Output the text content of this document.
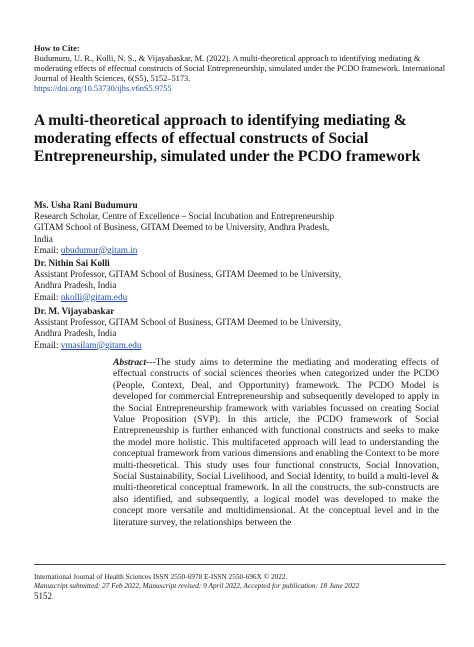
How to Cite:
Budumuru, U. R., Kolli, N. S., & Vijayabaskar, M. (2022). A multi-theoretical approach to identifying mediating & moderating effects of effectual constructs of Social Entrepreneurship, simulated under the PCDO framework. International Journal of Health Sciences, 6(S5), 5152–5173.
https://doi.org/10.53730/ijhs.v6nS5.9755
A multi-theoretical approach to identifying mediating & moderating effects of effectual constructs of Social Entrepreneurship, simulated under the PCDO framework
Ms. Usha Rani Budumuru
Research Scholar, Centre of Excellence – Social Incubation and Entrepreneurship
GITAM School of Business, GITAM Deemed to be University, Andhra Pradesh,
India
Email: ubudumur@gitam.in
Dr. Nithin Sai Kolli
Assistant Professor, GITAM School of Business, GITAM Deemed to be University,
Andhra Pradesh, India
Email: nkolli@gitam.edu
Dr. M. Vijayabaskar
Assistant Professor, GITAM School of Business, GITAM Deemed to be University,
Andhra Pradesh, India
Email: vmasilam@gitam.edu
Abstract---The study aims to determine the mediating and moderating effects of effectual constructs of social sciences theories when categorized under the PCDO (People, Context, Deal, and Opportunity) framework. The PCDO Model is developed for commercial Entrepreneurship and subsequently developed to apply in the Social Entrepreneurship framework with variables focussed on creating Social Value Proposition (SVP). In this article, the PCDO framework of Social Entrepreneurship is further enhanced with functional constructs and seeks to make the model more holistic. This multifaceted approach will lead to understanding the conceptual framework from various dimensions and enabling the Context to be more multi-theoretical. This study uses four functional constructs, Social Innovation, Social Sustainability, Social Livelihood, and Social Identity, to build a multi-level & multi-theoretical conceptual framework. In all the constructs, the sub-constructs are also identified, and subsequently, a logical model was developed to make the concept more versatile and multidimensional. At the conceptual level and in the literature survey, the relationships between the
International Journal of Health Sciences ISSN 2550-6978 E-ISSN 2550-696X © 2022.
Manuscript submitted: 27 Feb 2022, Manuscript revised: 9 April 2022, Accepted for publication: 18 June 2022
5152
